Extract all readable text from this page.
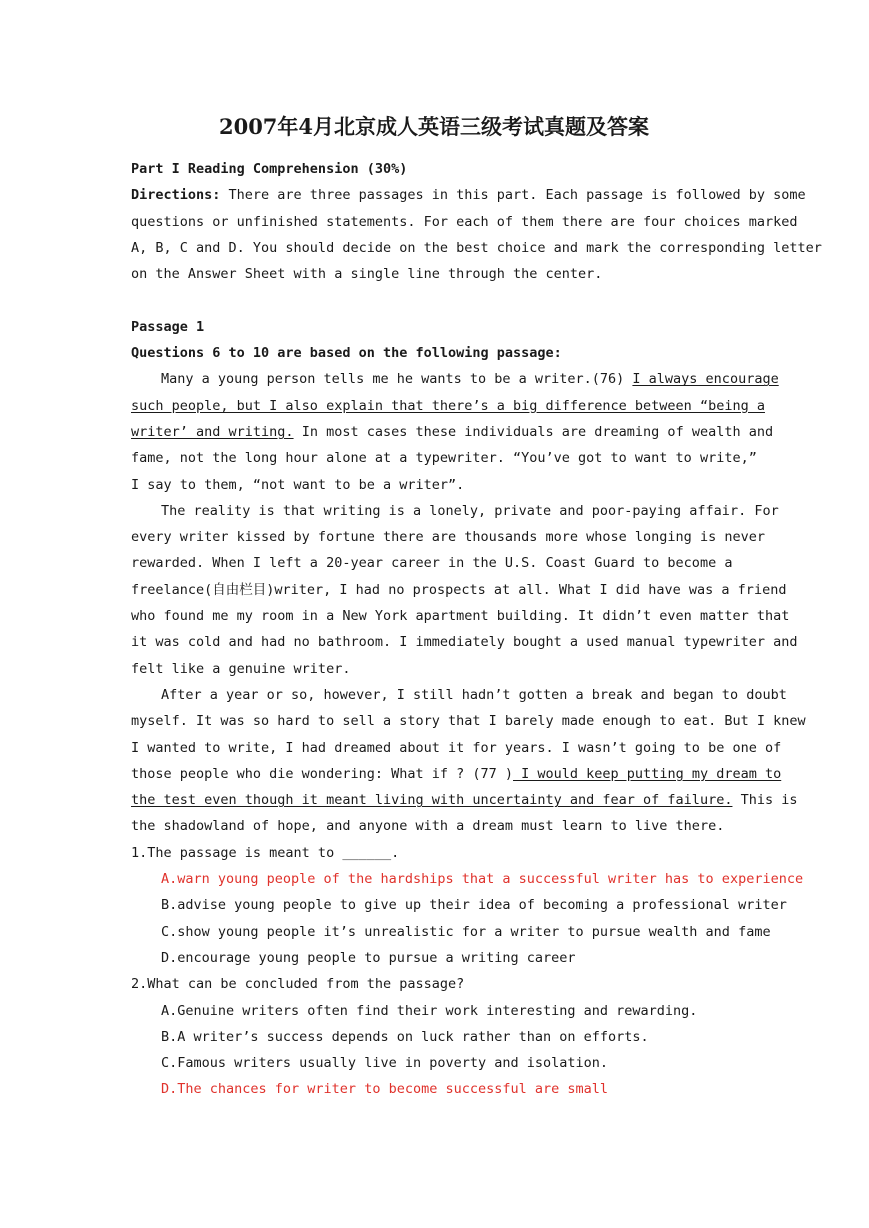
2007年4月北京成人英语三级考试真题及答案
Part I Reading Comprehension (30%)
Directions: There are three passages in this part. Each passage is followed by some
questions or unfinished statements. For each of them there are four choices marked
A, B, C and D. You should decide on the best choice and mark the corresponding letter
on the Answer Sheet with a single line through the center.
Passage 1
Questions 6 to 10 are based on the following passage:
Many a young person tells me he wants to be a writer.(76) I always encourage
such people, but I also explain that there’s a big difference between “being a
writer’ and writing. In most cases these individuals are dreaming of wealth and
fame, not the long hour alone at a typewriter. “You’ve got to want to write,”
I say to them, “not want to be a writer”.
The reality is that writing is a lonely, private and poor-paying affair. For
every writer kissed by fortune there are thousands more whose longing is never
rewarded. When I left a 20-year career in the U.S. Coast Guard to become a
freelance(自由栏目)writer, I had no prospects at all. What I did have was a friend
who found me my room in a New York apartment building. It didn’t even matter that
it was cold and had no bathroom. I immediately bought a used manual typewriter and
felt like a genuine writer.
After a year or so, however, I still hadn’t gotten a break and began to doubt
myself. It was so hard to sell a story that I barely made enough to eat. But I knew
I wanted to write, I had dreamed about it for years. I wasn’t going to be one of
those people who die wondering: What if ? (77 ) I would keep putting my dream to
the test even though it meant living with uncertainty and fear of failure. This is
the shadowland of hope, and anyone with a dream must learn to live there.
1.The passage is meant to ______.
A.warn young people of the hardships that a successful writer has to experience
B.advise young people to give up their idea of becoming a professional writer
C.show young people it’s unrealistic for a writer to pursue wealth and fame
D.encourage young people to pursue a writing career
2.What can be concluded from the passage?
A.Genuine writers often find their work interesting and rewarding.
B.A writer’s success depends on luck rather than on efforts.
C.Famous writers usually live in poverty and isolation.
D.The chances for writer to become successful are small
